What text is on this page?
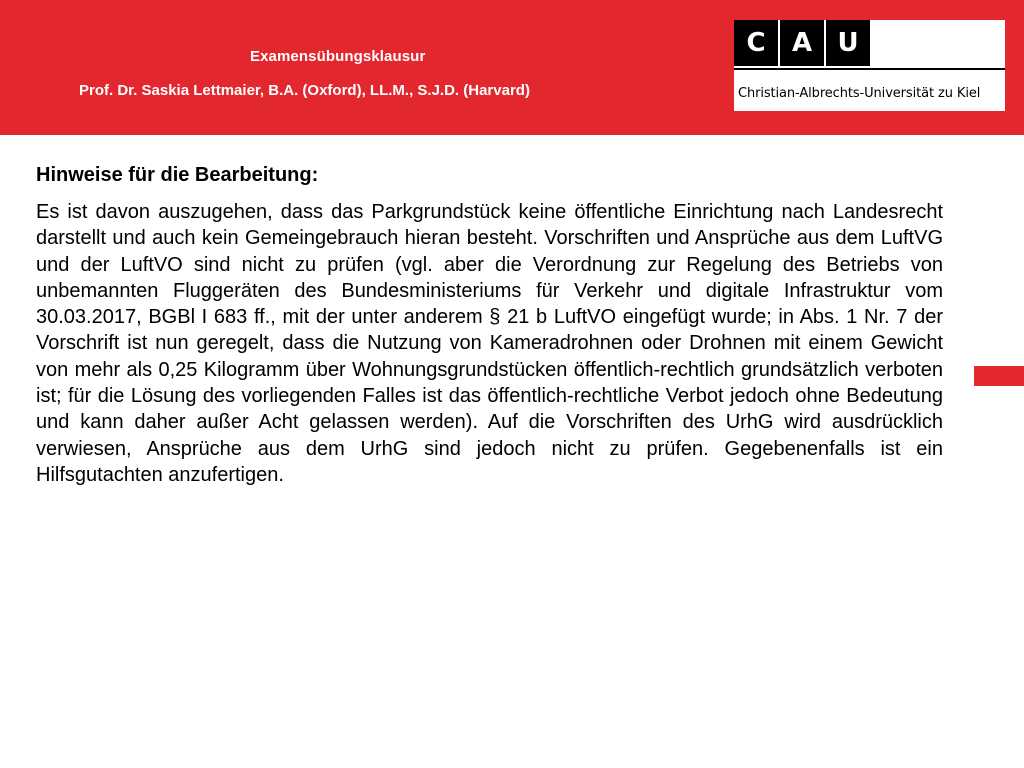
Examensübungsklausur
Prof. Dr. Saskia Lettmaier, B.A. (Oxford), LL.M., S.J.D. (Harvard)
C	A U
Christian-Albrechts-Universität zu Kiel
Hinweise für die Bearbeitung:

Es ist davon auszugehen, dass das Parkgrundstück keine öffentliche Einrichtung nach Landesrecht darstellt und auch kein Gemeingebrauch hieran besteht. Vorschriften und Ansprüche aus dem LuftVG und der LuftVO sind nicht zu prüfen (vgl. aber die Verordnung zur Regelung des Betriebs von unbemannten Fluggeräten des Bundesministeriums für Verkehr und digitale Infrastruktur vom 30.03.2017, BGBl I 683 ff., mit der unter anderem § 21 b LuftVO eingefügt wurde; in Abs. 1 Nr. 7 der Vorschrift ist nun geregelt, dass die Nutzung von Kameradrohnen oder Drohnen mit einem Gewicht von mehr als 0,25 Kilogramm über Wohnungsgrundstücken öffentlich-rechtlich grundsätzlich verboten ist; für die Lösung des vorliegenden Falles ist das öffentlich-rechtliche Verbot jedoch ohne Bedeutung und kann daher außer Acht gelassen werden). Auf die Vorschriften des UrhG wird ausdrücklich verwiesen, Ansprüche aus dem UrhG sind jedoch nicht zu prüfen. Gegebenenfalls ist ein Hilfsgutachten anzufertigen.
